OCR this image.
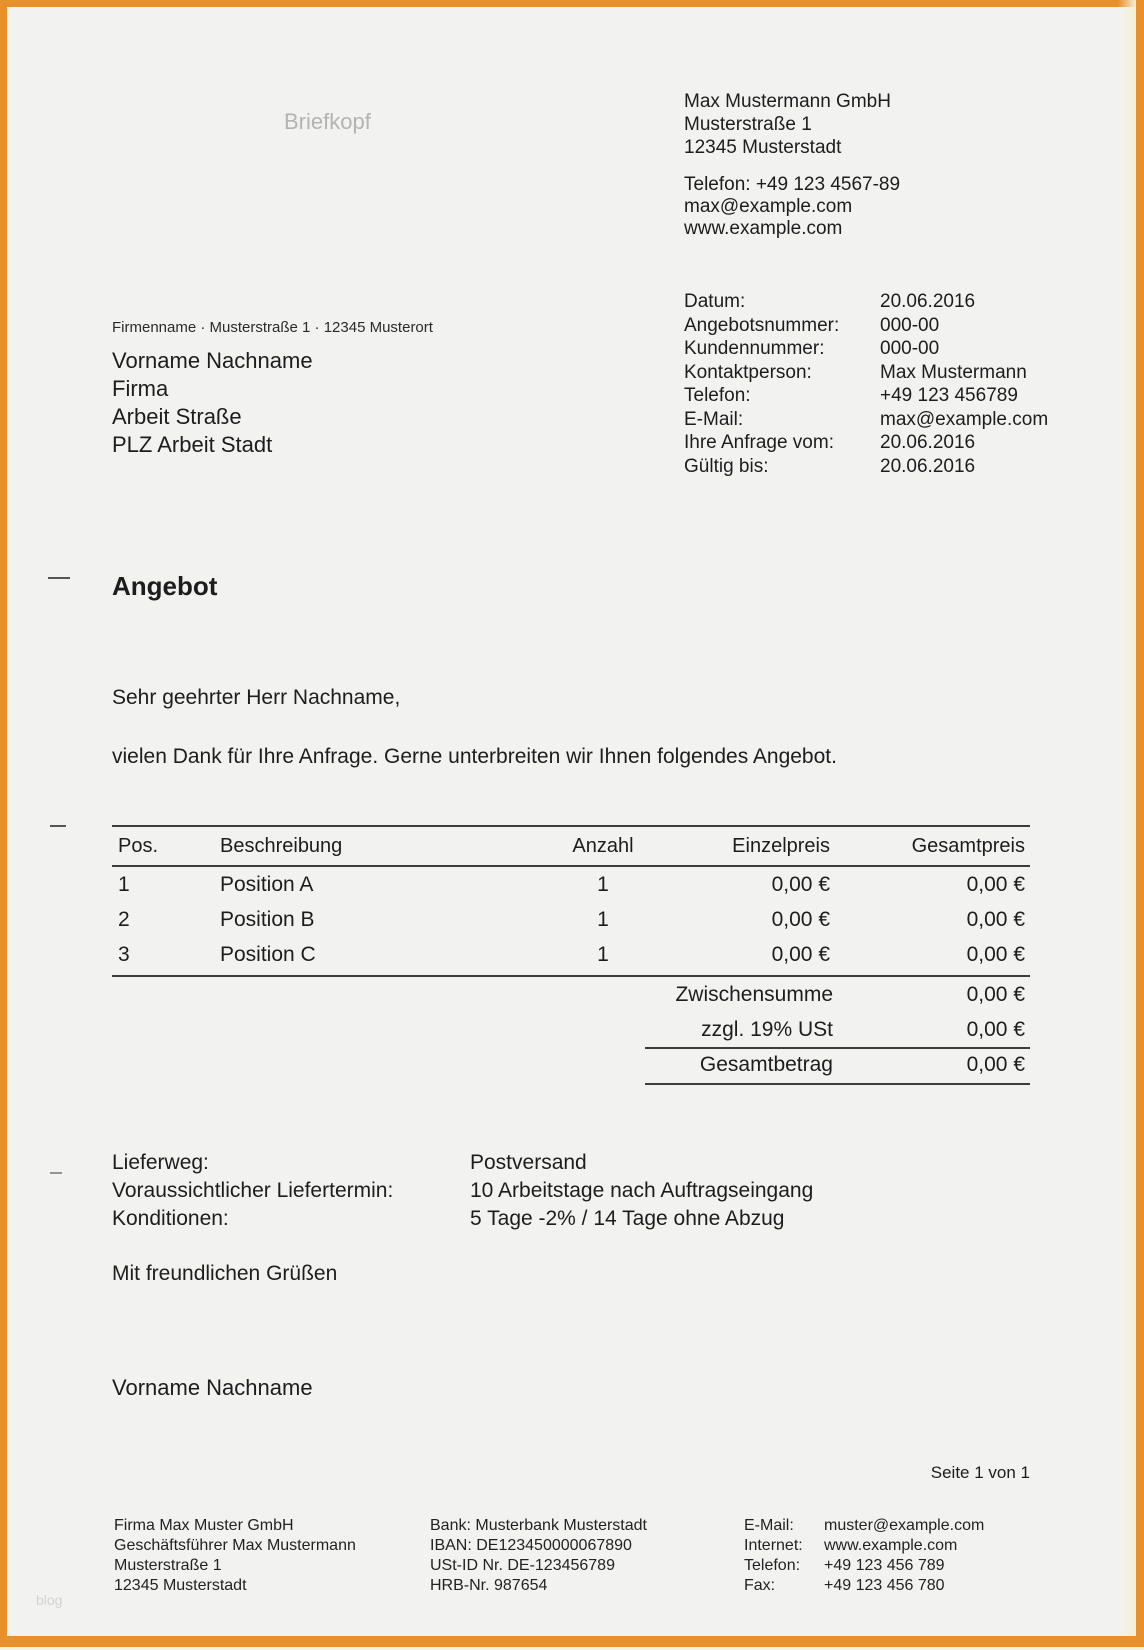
Briefkopf
Max Mustermann GmbH
Musterstraße 1
12345 Musterstadt
Telefon: +49 123 4567-89
max@example.com
www.example.com
Firmenname · Musterstraße 1 · 12345 Musterort
Vorname Nachname
Firma
Arbeit Straße
PLZ Arbeit Stadt
Datum:	20.06.2016
Angebotsnummer: 000-00
Kundennummer:	000-00
Kontaktperson:	Max Mustermann
Telefon:	+49 123 456789
E-Mail:	max@example.com
Ihre Anfrage vom: 20.06.2016
Gültig bis:	20.06.2016
Angebot
Sehr geehrter Herr Nachname,
vielen Dank für Ihre Anfrage. Gerne unterbreiten wir Ihnen folgendes Angebot.
Pos.	Beschreibung	Anzahl	Einzelpreis	Gesamtpreis
1	Position A	1	0,00 €	0,00 €
2	Position B	1	0,00 €	0,00 €
3	Position C	1	0,00 €	0,00 €
Zwischensumme	0,00 €
zzgl. 19% USt	0,00 €
Gesamtbetrag	0,00 €
Lieferweg:	Postversand
Voraussichtlicher Liefertermin:	10 Arbeitstage nach Auftragseingang
Konditionen:	5 Tage -2% / 14 Tage ohne Abzug
Mit freundlichen Grüßen
Vorname Nachname
Seite 1 von 1
Firma Max Muster GmbH
Geschäftsführer Max Mustermann
Musterstraße 1
12345 Musterstadt
Bank: Musterbank Musterstadt
IBAN: DE123450000067890
USt-ID Nr. DE-123456789
HRB-Nr. 987654
E-Mail: muster@example.com
Internet: www.example.com
Telefon: +49 123 456 789
Fax:	+49 123 456 780
blog
